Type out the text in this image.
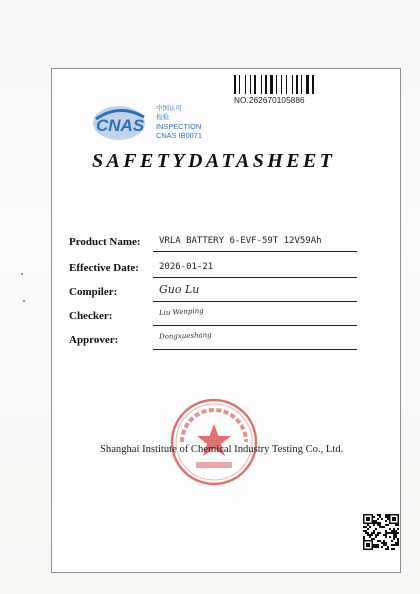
NO.262670105886
CNAS
中国认可
检验
INSPECTION
CNAS IB0071
SAFETYDATASHEET
Product Name: VRLA BATTERY 6-EVF-59T 12V59Ah
Effective Date: 2026-01-21
Compiler:	Guo Lu
Checker:	Liu Wenping
Approver:	Dongxueshang
Shanghai Institute of Chemical Industry Testing Co., Ltd.
